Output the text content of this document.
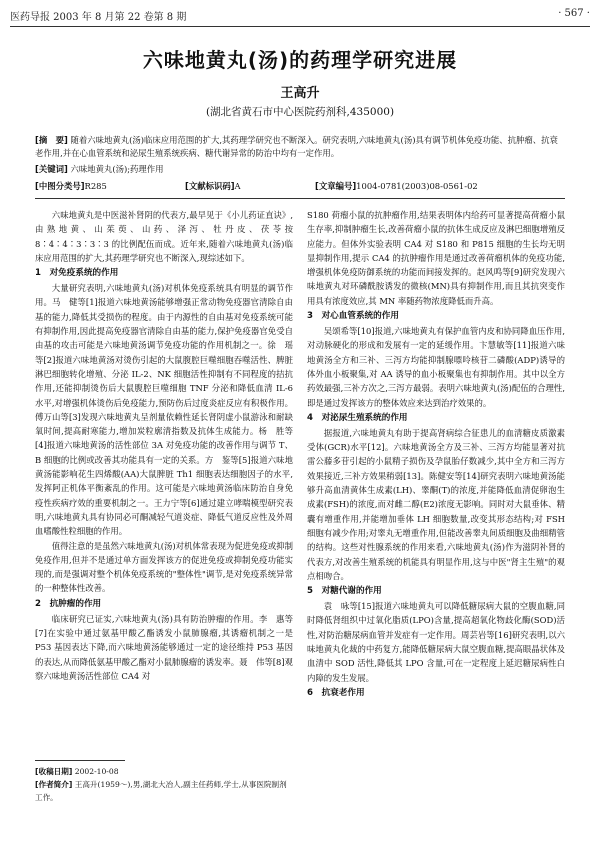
医药导报 2003 年 8 月第 22 卷第 8 期	· 567 ·
六味地黄丸(汤)的药理学研究进展
王高升
(湖北省黄石市中心医院药剂科,435000)
[摘　要] 随着六味地黄丸(汤)临床应用范围的扩大,其药理学研究也不断深入。研究表明,六味地黄丸(汤)具有调节机体免疫功能、抗肿瘤、抗衰老作用,并在心血管系统和泌尿生殖系统疾病、糖代谢异常的防治中均有一定作用。
[关键词] 六味地黄丸(汤);药理作用
[中图分类号] R285	[文献标识码] A	[文章编号] 1004-0781(2003)08-0561-02

六味地黄丸是中医滋补肾阴的代表方,最早见于《小儿药证直诀》,由熟地黄、山茱萸、山药、泽泻、牡丹皮、茯苓按 8∶4∶4∶3∶3∶3 的比例配伍而成。近年来,随着六味地黄丸(汤)临床应用范围的扩大,其药理学研究也不断深入,现综述如下。

1　对免疫系统的作用

大量研究表明,六味地黄丸(汤)对机体免疫系统具有明显的调节作用。马　健等[1]报道六味地黄汤能够增强正常动物免疫器官清除自由基的能力,降低其受损伤的程度。由于内源性的自由基对免疫系统可能有抑制作用,因此提高免疫器官清除自由基的能力,保护免疫器官免受自由基的攻击可能是六味地黄汤调节免疫功能的作用机制之一。徐　瑶等[2]报道六味地黄汤对烫伤引起的大鼠腹腔巨噬细胞吞噬活性、脾脏淋巴细胞转化增殖、分泌 IL-2、NK 细胞活性抑制有不同程度的拮抗作用,还能抑制烫伤后大鼠腹腔巨噬细胞 TNF 分泌和降低血清 IL-6 水平,对增强机体烫伤后免疫能力,预防伤后过度炎症反应有积极作用。傅万山等[3]发现六味地黄丸呈剂量依赖性延长肾阴虚小鼠游泳和耐缺氧时间,提高耐寒能力,增加炭粒廓清指数及抗体生成能力。杨　胜等[4]报道六味地黄汤的活性部位 3A 对免疫功能的改善作用与调节 T、B 细胞的比例或改善其功能具有一定的关系。方　鉴等[5]报道六味地黄汤能影响花生四烯酸(AA)大鼠脾脏 Th1 细胞表达细胞因子的水平,发挥阿正机体平衡紊乱的作用。这可能是六味地黄汤临床防治自身免疫性疾病疗效的重要机制之一。王力宁等[6]通过建立哮喘模型研究表明,六味地黄丸具有协同必可酮减轻气道炎症、降低气道反应性及外周血嗜酸性粒细胞的作用。

值得注意的是虽然六味地黄丸(汤)对机体常表现为促进免疫或抑制免疫作用,但并不是通过单方面发挥该方的促进免疫或抑制免疫功能实现的,而是强调对整个机体免疫系统的"整体性"调节,是对免疫系统异常的一种整体性改善。

2　抗肿瘤的作用

临床研究已证实,六味地黄丸(汤)具有防治肿瘤的作用。李　惠等[7]在实验中通过氨基甲酸乙酯诱发小鼠肺腺瘤,其诱瘤机制之一是 P53 基因表达下降,而六味地黄汤能够通过一定的途径维持 P53 基因的表达,从而降低氨基甲酸乙酯对小鼠肺腺瘤的诱发率。聂　伟等[8]观察六味地黄汤活性部位 CA4 对

S180 荷瘤小鼠的抗肿瘤作用,结果表明体内给药可显著提高荷瘤小鼠生存率,抑制肿瘤生长,改善荷瘤小鼠的抗体生成反应及淋巴细胞增殖反应能力。但体外实验表明 CA4 对 S180 和 P815 细胞的生长均无明显抑制作用,提示 CA4 的抗肿瘤作用是通过改善荷瘤机体的免疫功能,增强机体免疫防御系统的功能而间接发挥的。赵风鸣等[9]研究发现六味地黄丸对环磷酰胺诱发的微核(MN)具有抑制作用,而且其抗突变作用具有浓度效应,其 MN 率随药物浓度降低而升高。

3　对心血管系统的作用

吴颂希等[10]报道,六味地黄丸有保护血管内皮和协同降血压作用,对动脉硬化的形成和发展有一定的延缓作用。卞慧敏等[11]报道六味地黄汤全方和三补、三泻方均能抑制腺嘌呤核苷二磷酸(ADP)诱导的体外血小板聚集,对 AA 诱导的血小板聚集也有抑制作用。其中以全方药效最强,三补方次之,三泻方最弱。表明六味地黄丸(汤)配伍的合理性,即是通过发挥该方的整体效应来达到治疗效果的。

4　对泌尿生殖系统的作用

据报道,六味地黄丸有助于提高肾病综合征患儿的血清糖皮质激素受体(GCR)水平[12]。六味地黄汤全方及三补、三泻方均能显著对抗雷公藤多苷引起的小鼠精子损伤及孕鼠胎仔数减少,其中全方和三泻方效果接近,三补方效果稍弱[13]。陈健安等[14]研究表明六味地黄汤能够升高血清黄体生成素(LH)、睾酮(T)的浓度,并能降低血清促卵泡生成素(FSH)的浓度,而对雌二醇(E2)浓度无影响。同时对大鼠垂体、精囊有增重作用,并能增加垂体 LH 细胞数量,改变其形态结构;对 FSH 细胞有减少作用;对睾丸无增重作用,但能改善睾丸间质细胞及曲细精管的结构。这些对性腺系统的作用来看,六味地黄丸(汤)作为滋阴补肾的代表方,对改善生殖系统的机能具有明显作用,这与中医"肾主生殖"的观点相吻合。

5　对糖代谢的作用

袁　咏等[15]报道六味地黄丸可以降低糖尿病大鼠的空腹血糖,同时降低肾组织中过氧化脂质(LPO)含量,提高超氧化物歧化酶(SOD)活性,对防治糖尿病血管并发症有一定作用。周芸岩等[16]研究表明,以六味地黄丸化裁的中药复方,能降低糖尿病大鼠空腹血糖,提高眼晶状体及血清中 SOD 活性,降低其 LPO 含量,可在一定程度上延迟糖尿病性白内障的发生发展。

6　抗衰老作用
[收稿日期] 2002-10-08
[作者简介] 王高升(1959～),男,湖北大冶人,副主任药师,学士,从事医院制剂工作。
